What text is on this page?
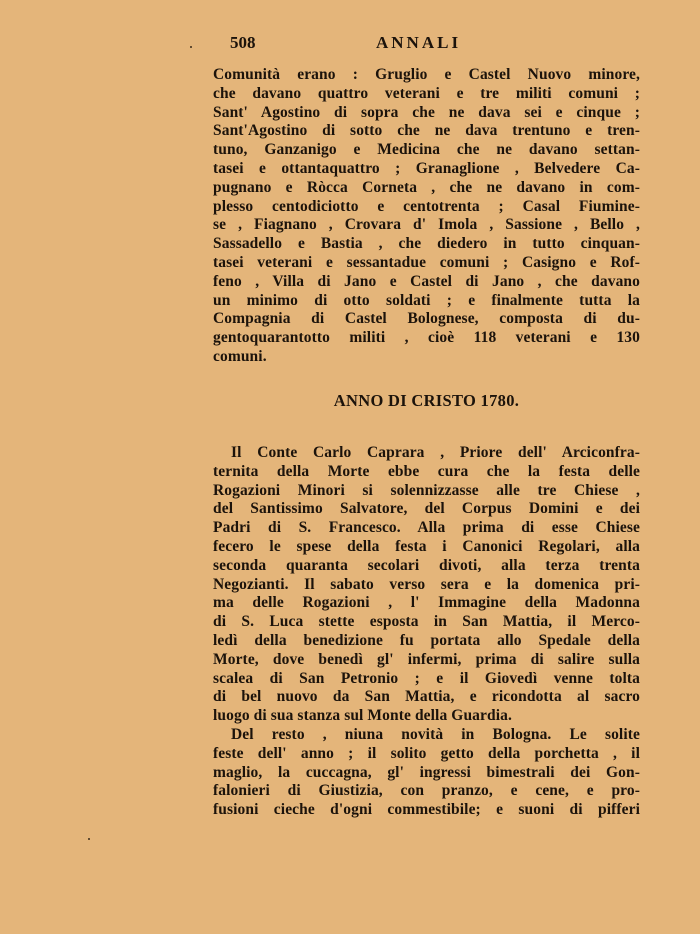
508	ANNALI
Comunità erano : Gruglio e Castel Nuovo minore,
che davano quattro veterani e tre militi comuni ;
Sant' Agostino di sopra che ne dava sei e cinque ;
Sant'Agostino di sotto che ne dava trentuno e tren-
tuno, Ganzanigo e Medicina che ne davano settan-
tasei e ottantaquattro ; Granaglione , Belvedere Ca-
pugnano e Ròcca Corneta , che ne davano in com-
plesso centodiciotto e centotrenta ; Casal Fiumine-
se , Fiagnano , Crovara d' Imola , Sassione , Bello ,
Sassadello e Bastia , che diedero in tutto cinquan-
tasei veterani e sessantadue comuni ; Casigno e Rof-
feno , Villa di Jano e Castel di Jano , che davano
un minimo di otto soldati ; e finalmente tutta la
Compagnia di Castel Bolognese, composta di du-
gentoquarantotto militi , cioè 118 veterani e 130
comuni.
ANNO DI CRISTO 1780.
Il Conte Carlo Caprara , Priore dell' Arciconfra-
ternita della Morte ebbe cura che la festa delle
Rogazioni Minori si solennizzasse alle tre Chiese ,
del Santissimo Salvatore, del Corpus Domini e dei
Padri di S. Francesco. Alla prima di esse Chiese
fecero le spese della festa i Canonici Regolari, alla
seconda quaranta secolari divoti, alla terza trenta
Negozianti. Il sabato verso sera e la domenica pri-
ma delle Rogazioni , l' Immagine della Madonna
di S. Luca stette esposta in San Mattia, il Merco-
ledì della benedizione fu portata allo Spedale della
Morte, dove benedì gl' infermi, prima di salire sulla
scalea di San Petronio ; e il Giovedì venne tolta
di bel nuovo da San Mattia, e ricondotta al sacro
luogo di sua stanza sul Monte della Guardia.
Del resto , niuna novità in Bologna. Le solite
feste dell' anno ; il solito getto della porchetta , il
maglio, la cuccagna, gl' ingressi bimestrali dei Gon-
falonieri di Giustizia, con pranzo, e cene, e pro-
fusioni cieche d'ogni commestibile; e suoni di pifferi
